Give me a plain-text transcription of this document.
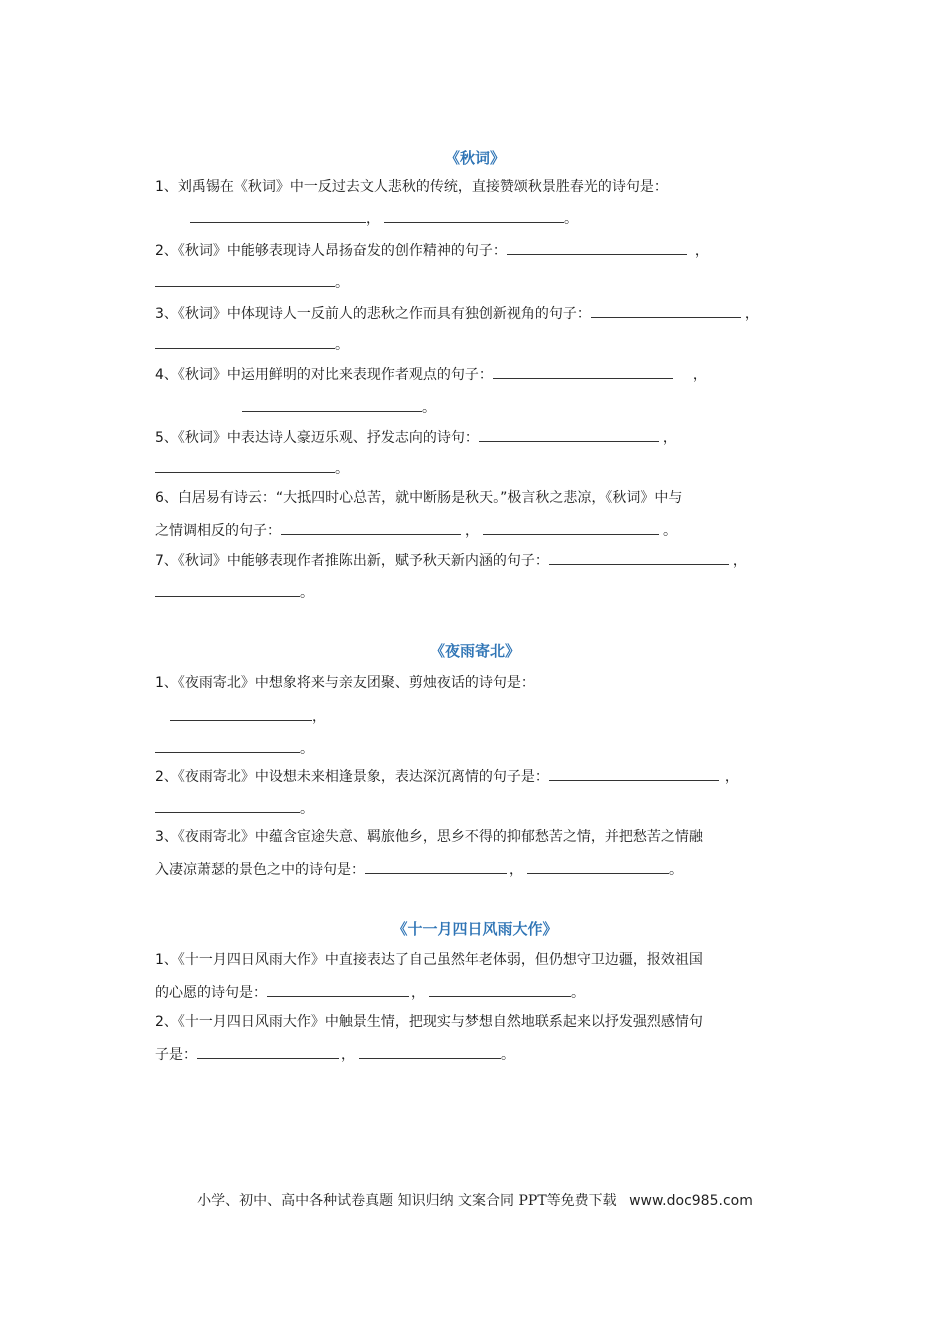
《秋词》
1、刘禹锡在《秋词》中一反过去文人悲秋的传统，直接赞颂秋景胜春光的诗句是：
，	。
2、《秋词》中能够表现诗人昂扬奋发的创作精神的句子：	，
。
3、《秋词》中体现诗人一反前人的悲秋之作而具有独创新视角的句子：	，
。
4、《秋词》中运用鲜明的对比来表现作者观点的句子：	，
。
5、《秋词》中表达诗人豪迈乐观、抒发志向的诗句：	，
。
6、白居易有诗云：“大抵四时心总苦，就中断肠是秋天。”极言秋之悲凉，《秋词》中与
之情调相反的句子：	，	。
7、《秋词》中能够表现作者推陈出新，赋予秋天新内涵的句子：	，
。
《夜雨寄北》
1、《夜雨寄北》中想象将来与亲友团聚、剪烛夜话的诗句是：
，
。
2、《夜雨寄北》中设想未来相逢景象，表达深沉离情的句子是：	，
。
3、《夜雨寄北》中蕴含宦途失意、羁旅他乡，思乡不得的抑郁愁苦之情，并把愁苦之情融
入凄凉萧瑟的景色之中的诗句是：	，	。
《十一月四日风雨大作》
1、《十一月四日风雨大作》中直接表达了自己虽然年老体弱，但仍想守卫边疆，报效祖国
的心愿的诗句是：	，	。
2、《十一月四日风雨大作》中触景生情，把现实与梦想自然地联系起来以抒发强烈感情句
子是：	，	。
小学、初中、高中各种试卷真题 知识归纳 文案合同 PPT等免费下载 www.doc985.com
